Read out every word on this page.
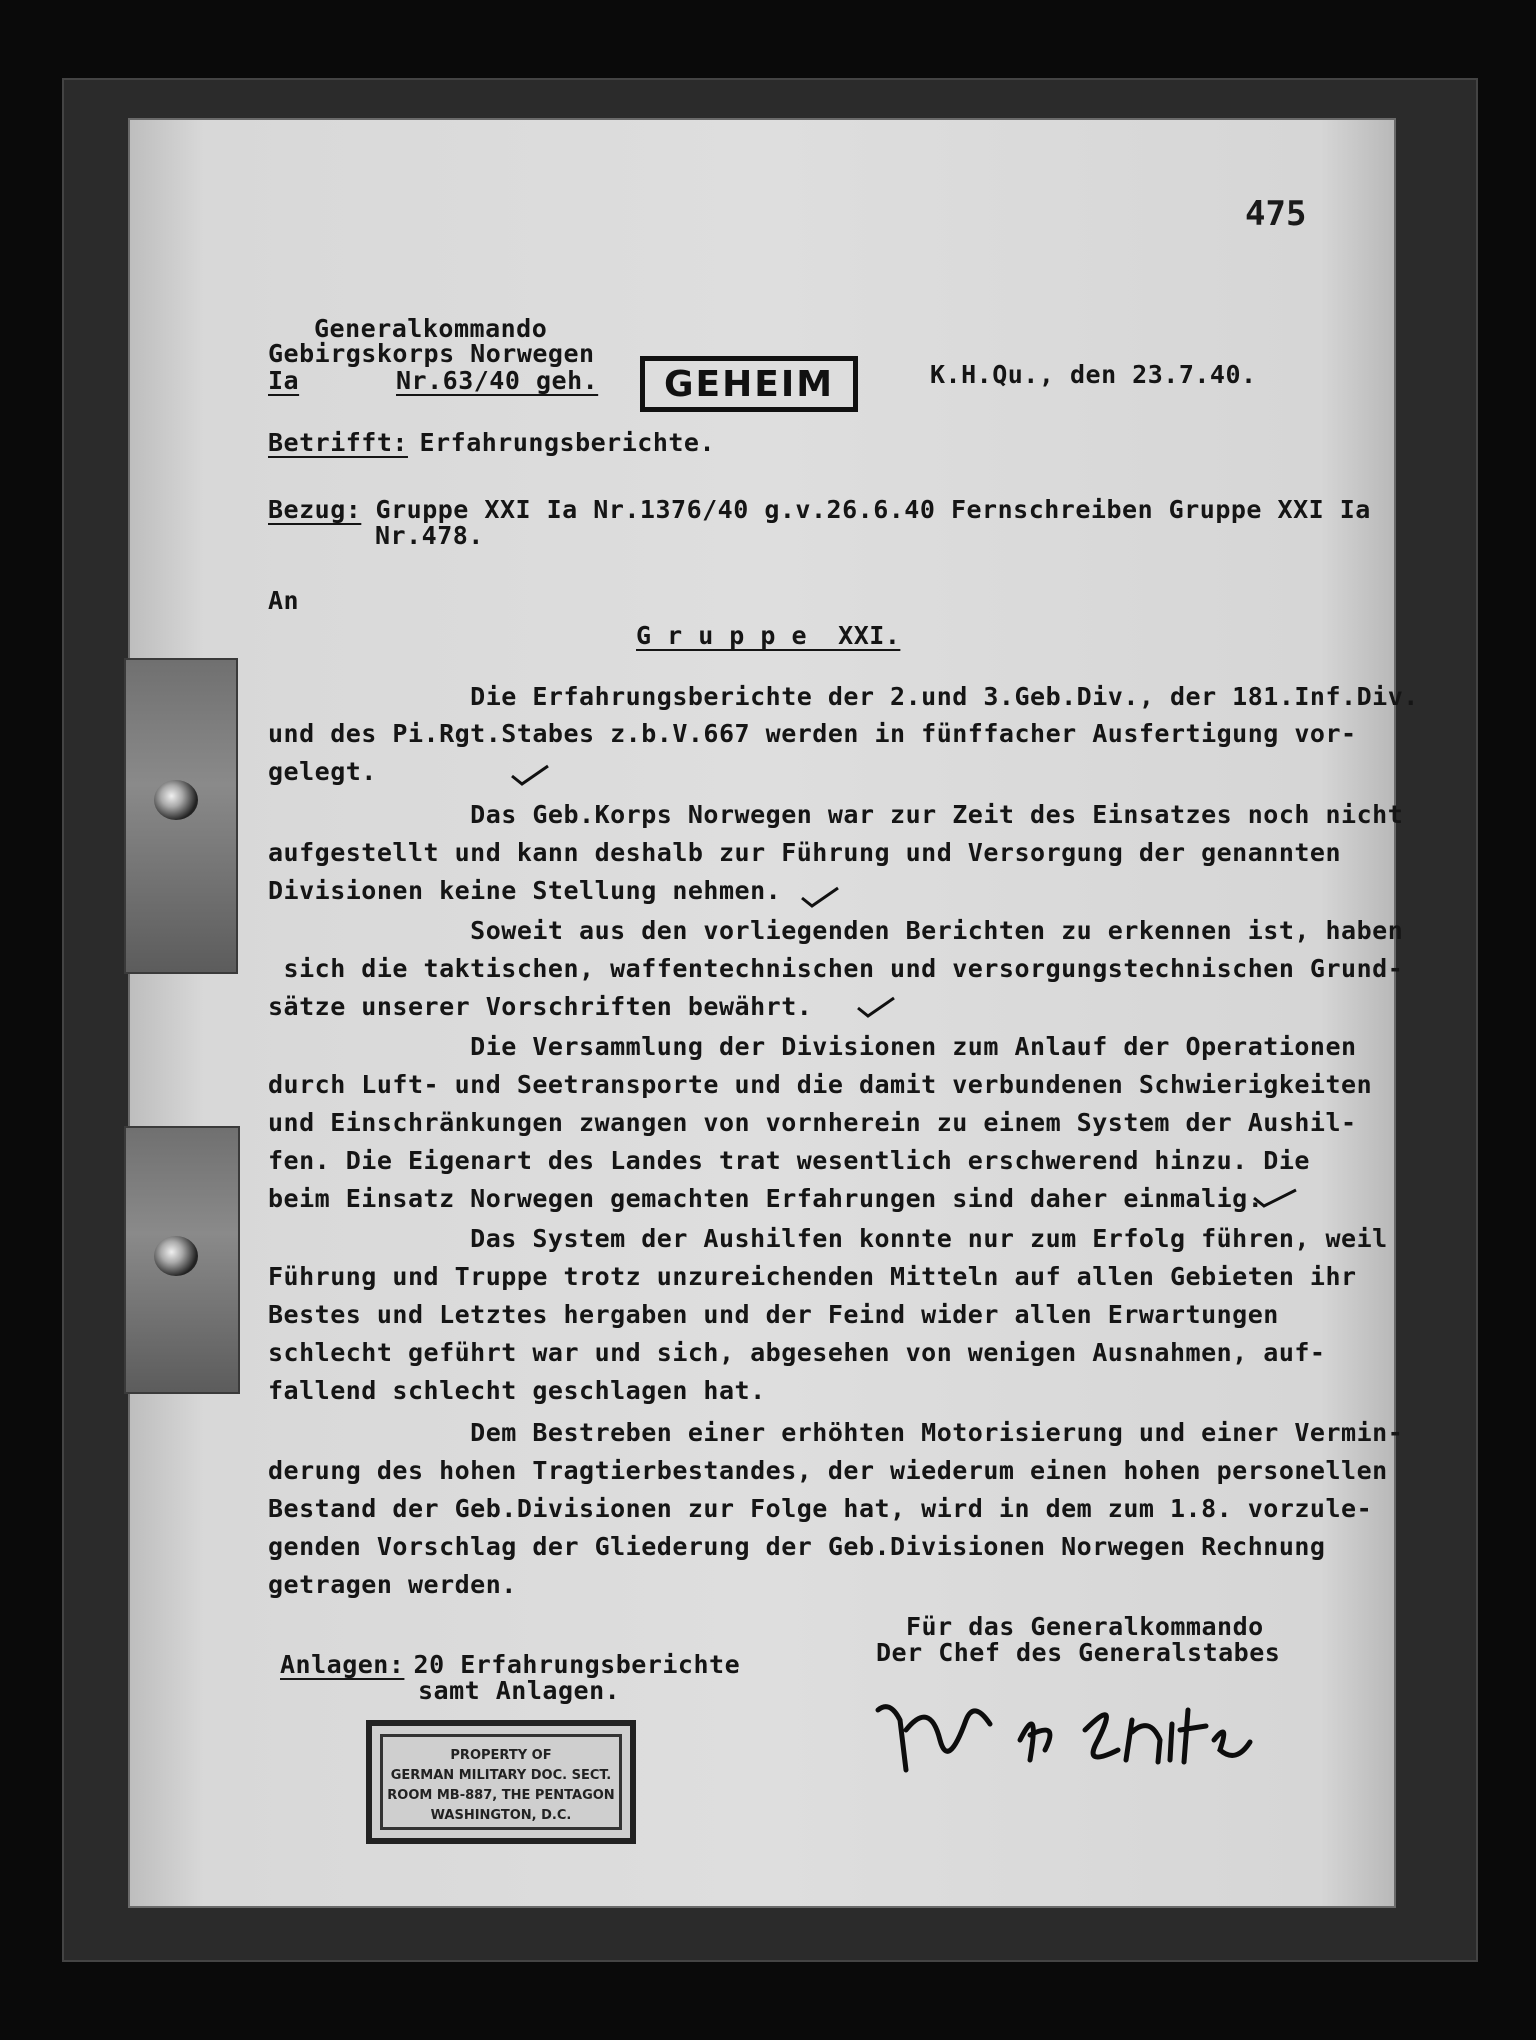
475
Generalkommando
Gebirgskorps Norwegen
Ia	Nr.63/40 geh.	GEHEIM	K.H.Qu., den 23.7.40.
Betrifft:
Erfahrungsberichte.
Bezug:
Gruppe XXI Ia Nr.1376/40 g.v.26.6.40 Fernschreiben Gruppe XXI Ia
Nr.478.
An
G r u p p e  XXI.
Die Erfahrungsberichte der 2.und 3.Geb.Div., der 181.Inf.Div.
und des Pi.Rgt.Stabes z.b.V.667 werden in fünffacher Ausfertigung vor-
gelegt.
Das Geb.Korps Norwegen war zur Zeit des Einsatzes noch nicht
aufgestellt und kann deshalb zur Führung und Versorgung der genannten
Divisionen keine Stellung nehmen.
Soweit aus den vorliegenden Berichten zu erkennen ist, haben
sich die taktischen, waffentechnischen und versorgungstechnischen Grund-
sätze unserer Vorschriften bewährt.
Die Versammlung der Divisionen zum Anlauf der Operationen
durch Luft- und Seetransporte und die damit verbundenen Schwierigkeiten
und Einschränkungen zwangen von vornherein zu einem System der Aushil-
fen. Die Eigenart des Landes trat wesentlich erschwerend hinzu. Die
beim Einsatz Norwegen gemachten Erfahrungen sind daher einmalig.
Das System der Aushilfen konnte nur zum Erfolg führen, weil
Führung und Truppe trotz unzureichenden Mitteln auf allen Gebieten ihr
Bestes und Letztes hergaben und der Feind wider allen Erwartungen
schlecht geführt war und sich, abgesehen von wenigen Ausnahmen, auf-
fallend schlecht geschlagen hat.
Dem Bestreben einer erhöhten Motorisierung und einer Vermin-
derung des hohen Tragtierbestandes, der wiederum einen hohen personellen
Bestand der Geb.Divisionen zur Folge hat, wird in dem zum 1.8. vorzule-
genden Vorschlag der Gliederung der Geb.Divisionen Norwegen Rechnung
getragen werden.
Für das Generalkommando
Der Chef des Generalstabes
Anlagen:
20 Erfahrungsberichte
samt Anlagen.
PROPERTY OF
GERMAN MILITARY DOC. SECT.
ROOM MB-887, THE PENTAGON
WASHINGTON, D.C.
